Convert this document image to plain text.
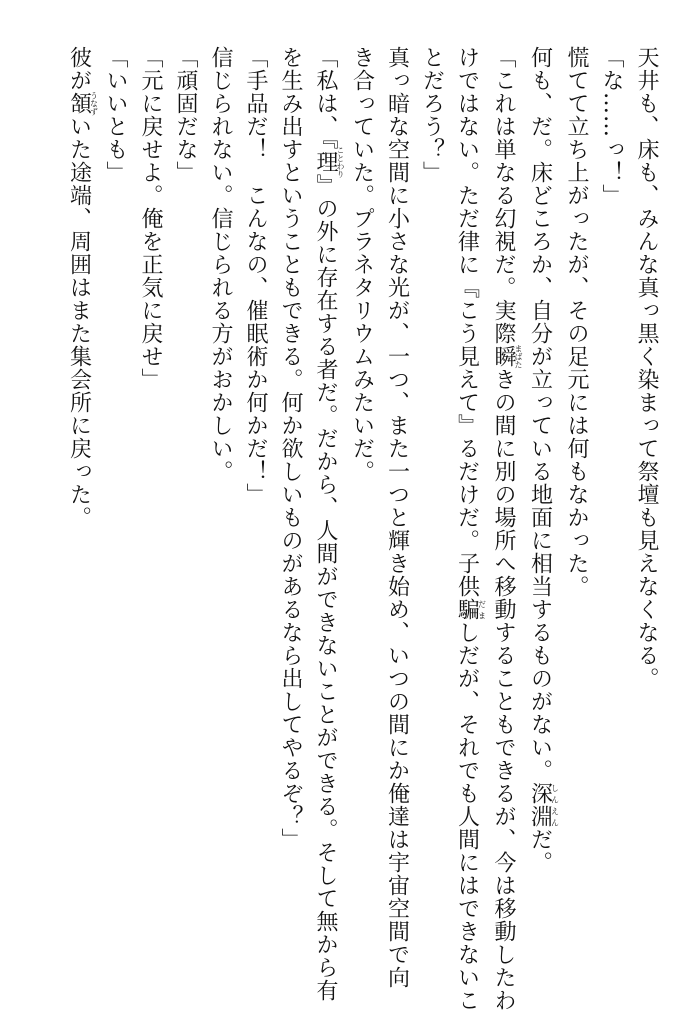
天井も、床も、みんな真っ黒く染まって祭壇も見えなくなる。

「な……っ！」

慌てて立ち上がったが、その足元には何もなかった。

何も、だ。床どころか、自分が立っている地面に相当するものがない。深淵しんえんだ。

「これは単なる幻視だ。実際瞬まばたきの間に別の場所へ移動することもできるが、今は移動したわ

けではない。ただ律に『こう見えて』るだけだ。子供騙だましだが、それでも人間にはできないこ

とだろう？」

真っ暗な空間に小さな光が、一つ、また一つと輝き始め、いつの間にか俺達は宇宙空間で向

き合っていた。プラネタリウムみたいだ。

「私は、『理ことわり』の外に存在する者だ。だから、人間ができないことができる。そして無から有

を生み出すということもできる。何か欲しいものがあるなら出してやるぞ？」

「手品だ！　こんなの、催眠術か何かだ！」

信じられない。信じられる方がおかしい。

「頑固だな」

「元に戻せよ。俺を正気に戻せ」

「いいとも」

彼が頷うなずいた途端、周囲はまた集会所に戻った。
